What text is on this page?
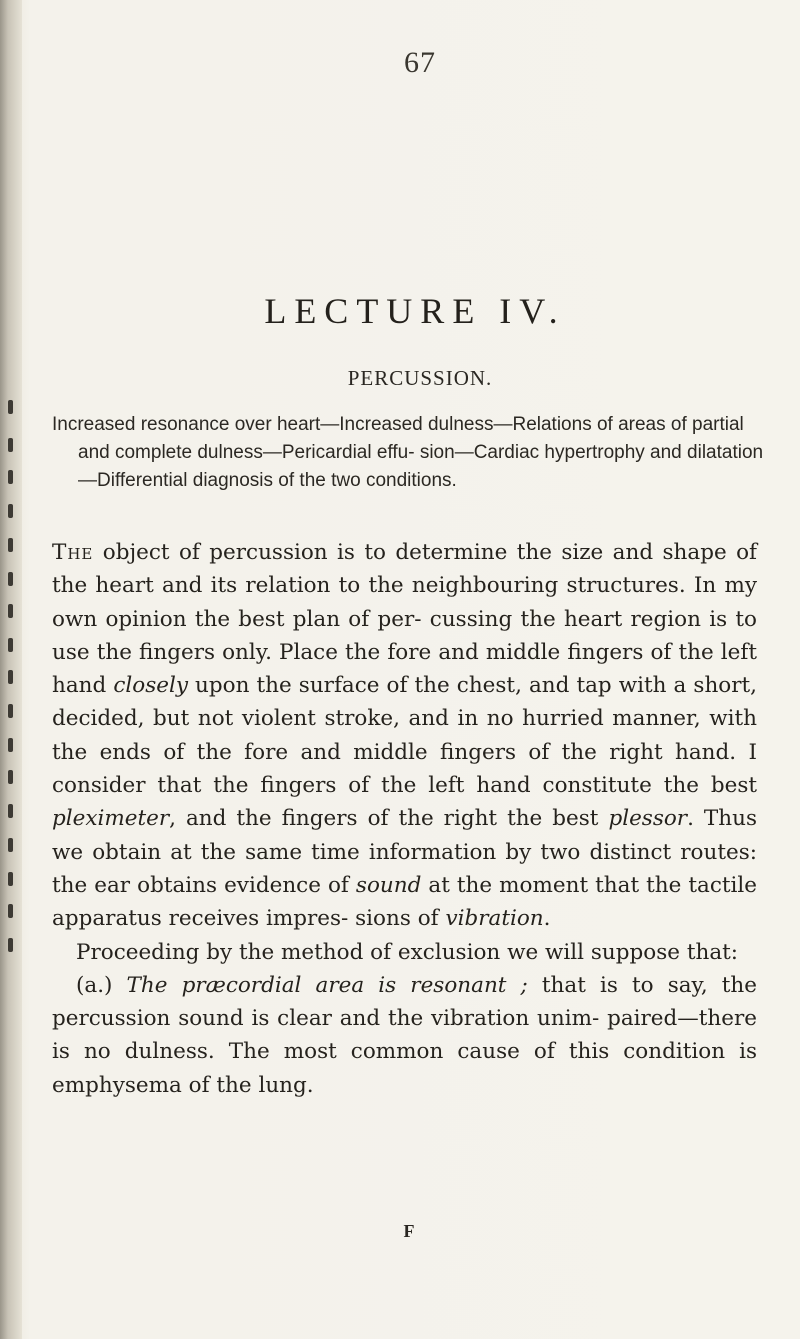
67
LECTURE IV.
PERCUSSION.
Increased resonance over heart—Increased dulness—Relations of areas of partial and complete dulness—Pericardial effu- sion—Cardiac hypertrophy and dilatation—Differential diagnosis of the two conditions.

The object of percussion is to determine the size and shape of the heart and its relation to the neighbouring structures. In my own opinion the best plan of per- cussing the heart region is to use the fingers only. Place the fore and middle fingers of the left hand closely upon the surface of the chest, and tap with a short, decided, but not violent stroke, and in no hurried manner, with the ends of the fore and middle fingers of the right hand. I consider that the fingers of the left hand constitute the best pleximeter, and the fingers of the right the best plessor. Thus we obtain at the same time information by two distinct routes: the ear obtains evidence of sound at the moment that the tactile apparatus receives impres- sions of vibration.

Proceeding by the method of exclusion we will suppose that:

(a.) The præcordial area is resonant ; that is to say, the percussion sound is clear and the vibration unim- paired—there is no dulness. The most common cause of this condition is emphysema of the lung.

F
